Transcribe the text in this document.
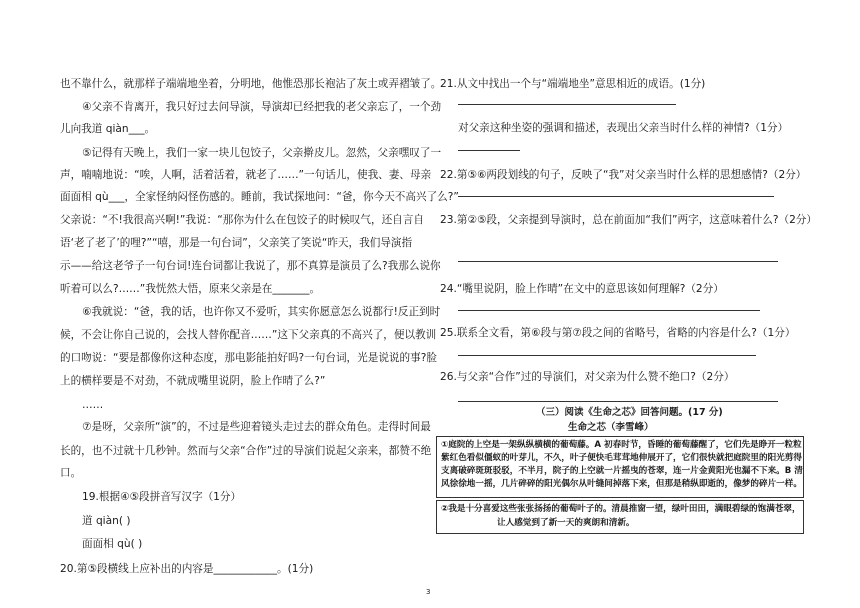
也不靠什么，就那样子端端地坐着，分明地，他惟恐那长袍沾了灰土或弄褶皱了。
④父亲不肯离开，我只好过去问导演，导演却已经把我的老父亲忘了，一个劲
儿向我道 qiàn___。
⑤记得有天晚上，我们一家一块儿包饺子，父亲擀皮儿。忽然，父亲嘿叹了一
声，喃喃地说：“唉，人啊，活着活着，就老了……”一句话儿，使我、妻、母亲
面面相 qù___，全家怪纳闷怪伤感的。睡前，我试探地问：“爸，你今天不高兴了么?”
父亲说：“不!我很高兴啊!”我说：“那你为什么在包饺子的时候叹气，还自言自
语‘老了老了’的哩?”“嘻，那是一句台词”，父亲笑了笑说“昨天，我们导演指
示——给这老爷子一句台词!连台词都让我说了，那不真算是演员了么?我那么说你
听着可以么?……”我恍然大悟，原来父亲是在_______。
⑥我就说：“爸，我的话，也许你又不爱听，其实你愿意怎么说都行!反正到时
候，不会让你自己说的，会找人替你配音……”这下父亲真的不高兴了，便以教训
的口吻说：“要是都像你这种态度，那电影能拍好吗?一句台词，光是说说的事?脸
上的横样要是不对劲，不就成嘴里说阴，脸上作晴了么?”
……
⑦是呀，父亲所“演”的，不过是些迎着镜头走过去的群众角色。走得时间最
长的，也不过就十几秒钟。然而与父亲“合作”过的导演们说起父亲来，都赞不绝
口。
19.根据④⑤段拼音写汉字（1分）
道 qiàn( )
面面相 qù( )
20.第⑤段横线上应补出的内容是____________。(1分)
21.从文中找出一个与“端端地坐”意思相近的成语。(1分)
对父亲这种坐姿的强调和描述，表现出父亲当时什么样的神情?（1分）
22.第⑤⑥两段划线的句子，反映了“我”对父亲当时什么样的思想感情?（2分）
23.第②⑤段，父亲提到导演时，总在前面加“我们”两字，这意味着什么?（2分）
24.“嘴里说阴，脸上作晴”在文中的意思该如何理解?（2分）
25.联系全文看，第⑥段与第⑦段之间的省略号，省略的内容是什么?（1分）
26.与父亲“合作”过的导演们，对父亲为什么赞不绝口?（2分）
（三）阅读《生命之芯》回答问题。(17 分)
生命之芯（李雪峰）
①庭院的上空是一架纵纵横横的葡萄藤。A 初春时节，昏睡的葡萄藤醒了，它们先是睁开一粒粒
紫红色看似僵蚁的叶芽儿，不久，叶子便快毛茸茸地伸展开了，它们很快就把庭院里的阳光剪得
支离破碎斑斑驳驳，不半月，院子的上空就一片摇曳的苍翠，连一片金黄阳光也漏不下来。B 清
风徐徐地一摇，几片碎碎的阳光偶尔从叶缝间掉落下来，但那是稍纵即逝的，像梦的碎片一样。
②我是十分喜爱这些张张扬扬的葡萄叶子的。清晨推窗一望，绿叶田田，满眼碧绿的饱满苍翠，
让人感觉到了新一天的爽朗和清新。
3
